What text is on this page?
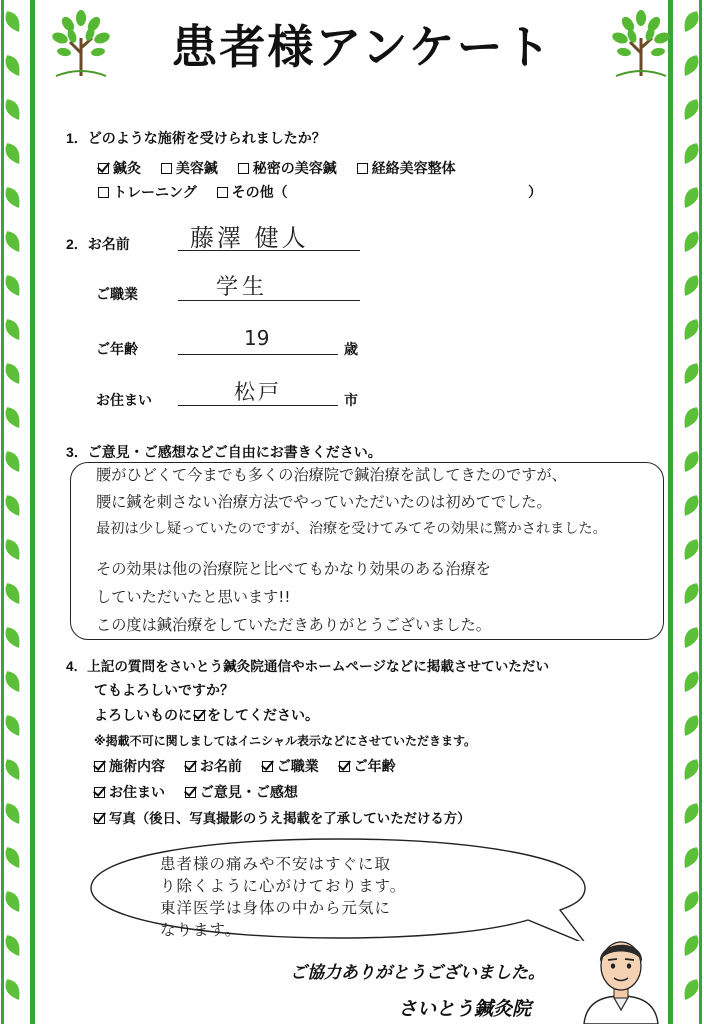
患者様アンケート
1．どのような施術を受けられましたか？
鍼灸 美容鍼 秘密の美容鍼 経絡美容整体
トレーニング その他（	）
2．お名前	藤澤 健人
ご職業	学生
ご年齢	19	歳
お住まい	松戸	市
3．ご意見・ご感想などご自由にお書きください。
腰がひどくて今までも多くの治療院で鍼治療を試してきたのですが、
腰に鍼を刺さない治療方法でやっていただいたのは初めてでした。
最初は少し疑っていたのですが、治療を受けてみてその効果に驚かされました。
その効果は他の治療院と比べてもかなり効果のある治療を
していただいたと思います!!
この度は鍼治療をしていただきありがとうございました。
4．上記の質問をさいとう鍼灸院通信やホームページなどに掲載させていただい
てもよろしいですか？
よろしいものに をしてください。
※掲載不可に関しましてはイニシャル表示などにさせていただきます。
施術内容 お名前 ご職業 ご年齢
お住まい ご意見・ご感想
写真（後日、写真撮影のうえ掲載を了承していただける方）
患者様の痛みや不安はすぐに取
り除くように心がけております。
東洋医学は身体の中から元気に
なります。
ご協力ありがとうございました。
さいとう鍼灸院
